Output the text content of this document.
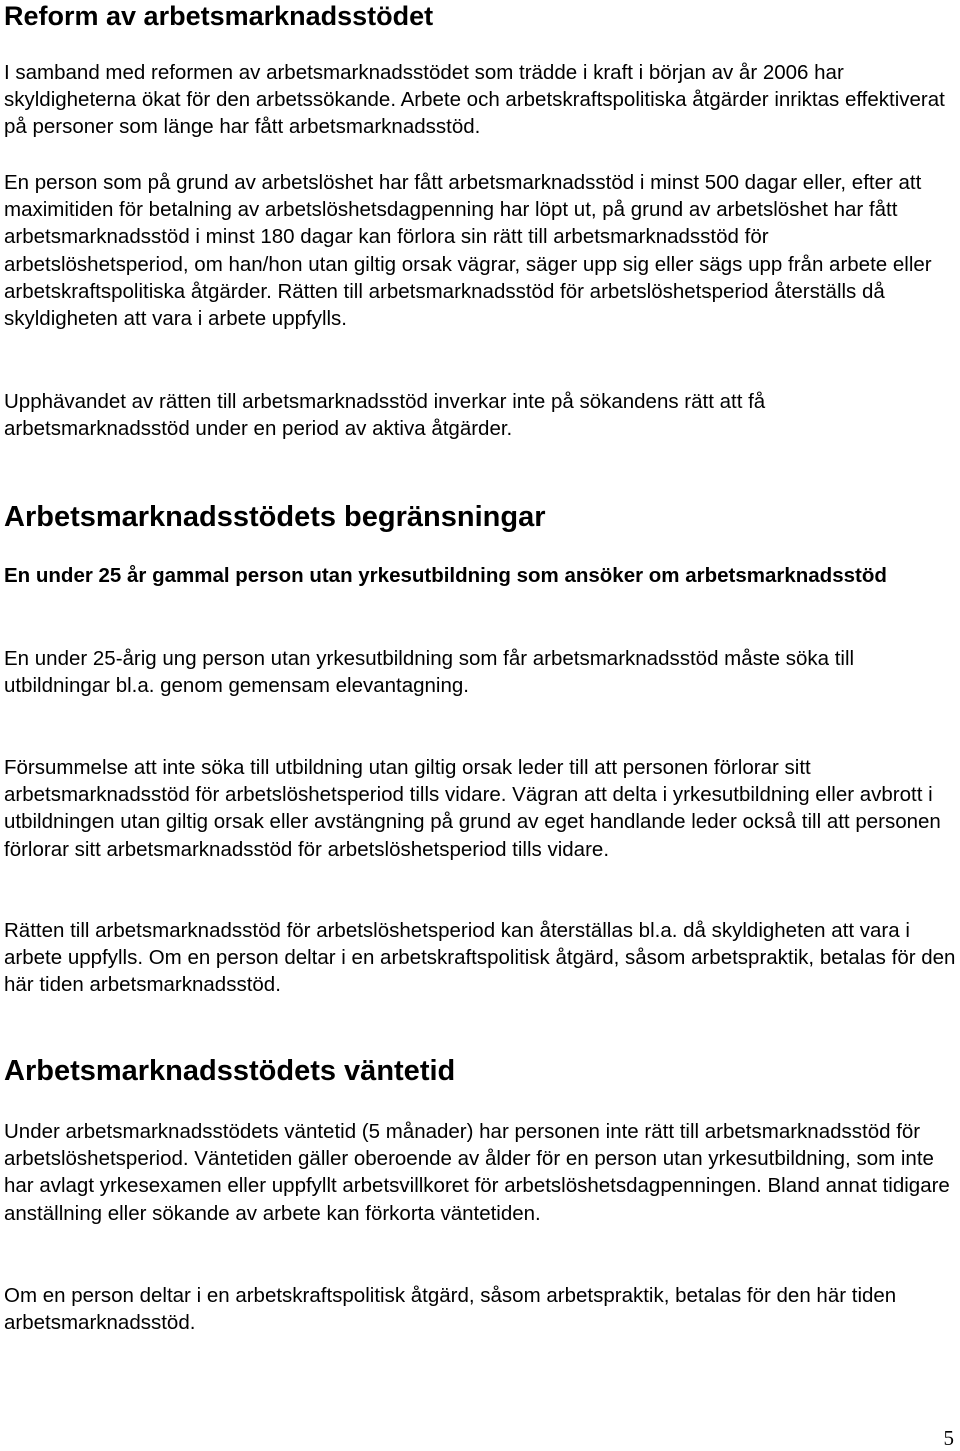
Reform av arbetsmarknadsstödet

I samband med reformen av arbetsmarknadsstödet som trädde i kraft i början av år 2006 har skyldigheterna ökat för den arbetssökande. Arbete och arbetskraftspolitiska åtgärder inriktas effektiverat på personer som länge har fått arbetsmarknadsstöd.

En person som på grund av arbetslöshet har fått arbetsmarknadsstöd i minst 500 dagar eller, efter att maximitiden för betalning av arbetslöshetsdagpenning har löpt ut, på grund av arbetslöshet har fått arbetsmarknadsstöd i minst 180 dagar kan förlora sin rätt till arbetsmarknadsstöd för arbetslöshetsperiod, om han/hon utan giltig orsak vägrar, säger upp sig eller sägs upp från arbete eller arbetskraftspolitiska åtgärder. Rätten till arbetsmarknadsstöd för arbetslöshetsperiod återställs då skyldigheten att vara i arbete uppfylls.

Upphävandet av rätten till arbetsmarknadsstöd inverkar inte på sökandens rätt att få arbetsmarknadsstöd under en period av aktiva åtgärder.

Arbetsmarknadsstödets begränsningar
En under 25 år gammal person utan yrkesutbildning som ansöker om arbetsmarknadsstöd

En under 25-årig ung person utan yrkesutbildning som får arbetsmarknadsstöd måste söka till utbildningar bl.a. genom gemensam elevantagning.

Försummelse att inte söka till utbildning utan giltig orsak leder till att personen förlorar sitt arbetsmarknadsstöd för arbetslöshetsperiod tills vidare. Vägran att delta i yrkesutbildning eller avbrott i utbildningen utan giltig orsak eller avstängning på grund av eget handlande leder också till att personen förlorar sitt arbetsmarknadsstöd för arbetslöshetsperiod tills vidare.

Rätten till arbetsmarknadsstöd för arbetslöshetsperiod kan återställas bl.a. då skyldigheten att vara i arbete uppfylls. Om en person deltar i en arbetskraftspolitisk åtgärd, såsom arbetspraktik, betalas för den här tiden arbetsmarknadsstöd.

Arbetsmarknadsstödets väntetid

Under arbetsmarknadsstödets väntetid (5 månader) har personen inte rätt till arbetsmarknadsstöd för arbetslöshetsperiod. Väntetiden gäller oberoende av ålder för en person utan yrkesutbildning, som inte har avlagt yrkesexamen eller uppfyllt arbetsvillkoret för arbetslöshetsdagpenningen. Bland annat tidigare anställning eller sökande av arbete kan förkorta väntetiden.

Om en person deltar i en arbetskraftspolitisk åtgärd, såsom arbetspraktik, betalas för den här tiden arbetsmarknadsstöd.

5
